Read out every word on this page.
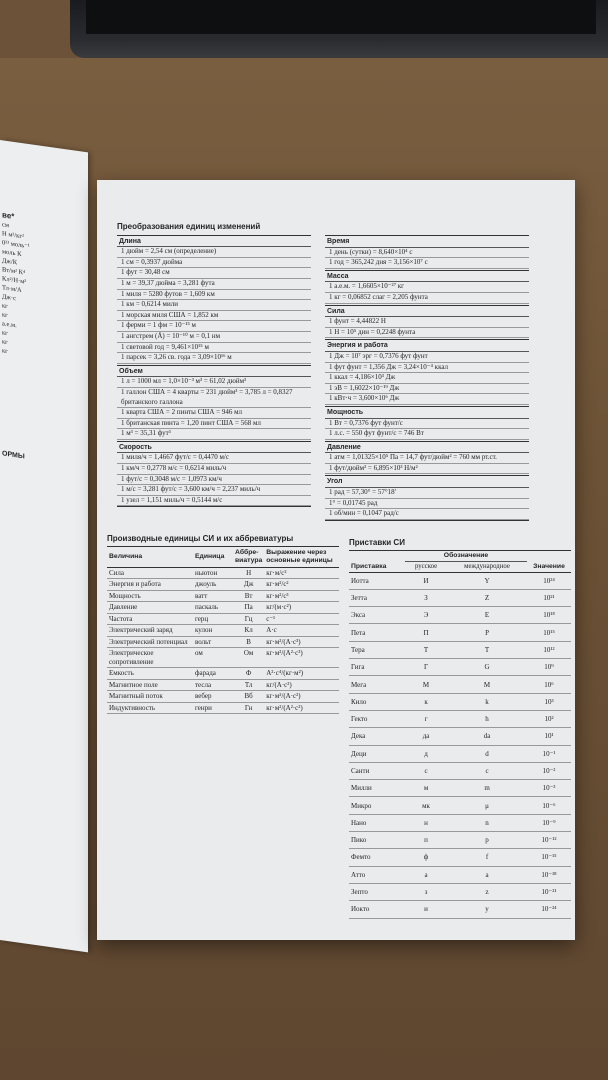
ве*
см
Н м²/кг²
0²³ моль⁻¹
моль К
Дж/К
Вт/м² К⁴
Кл²/Н·м²
Тл·м/А
Дж·с
кг
кг
а.е.м.
кг
кг
кг
ОРМЫ
Преобразования единиц изменений
Длина
1 дюйм = 2,54 см (определение)
1 см = 0,3937 дюйма
1 фут = 30,48 см
1 м = 39,37 дюйма = 3,281 фута
1 миля = 5280 футов = 1,609 км
1 км = 0,6214 мили
1 морская миля США = 1,852 км
1 ферми = 1 фм = 10⁻¹⁵ м
1 ангстрем (Å) = 10⁻¹⁰ м = 0,1 нм
1 световой год = 9,461×10¹⁵ м
1 парсек = 3,26 св. года = 3,09×10¹⁶ м
Объем
1 л = 1000 мл = 1,0×10⁻³ м³ = 61,02 дюйм³
1 галлон США = 4 кварты = 231 дюйм³ = 3,785 л = 0,8327 британского галлона
1 кварта США = 2 пинты США = 946 мл
1 британская пинта = 1,20 пинт США = 568 мл
1 м³ = 35,31 фут³
Скорость
1 миля/ч = 1,4667 фут/с = 0,4470 м/с
1 км/ч = 0,2778 м/с = 0,6214 миль/ч
1 фут/с = 0,3048 м/с = 1,0973 км/ч
1 м/с = 3,281 фут/с = 3,600 км/ч = 2,237 миль/ч
1 узел = 1,151 миль/ч = 0,5144 м/с
Время
1 день (сутки) = 8,640×10⁴ с
1 год = 365,242 дня = 3,156×10⁷ с
Масса
1 а.е.м. = 1,6605×10⁻²⁷ кг
1 кг = 0,06852 слаг = 2,205 фунта
Сила
1 фунт = 4,44822 Н
1 Н = 10⁵ дин = 0,2248 фунта
Энергия и работа
1 Дж = 10⁷ эрг = 0,7376 фут фунт
1 фут фунт = 1,356 Дж = 3,24×10⁻⁴ ккал
1 ккал = 4,186×10³ Дж
1 эВ = 1,6022×10⁻¹⁹ Дж
1 кВт·ч = 3,600×10⁶ Дж
Мощность
1 Вт = 0,7376 фут фунт/с
1 л.с. = 550 фут фунт/с = 746 Вт
Давление
1 атм = 1,01325×10⁵ Па = 14,7 фут/дюйм² = 760 мм рт.ст.
1 фут/дюйм² = 6,895×10³ Н/м²
Угол
1 рад = 57,30° = 57°18'
1° = 0,01745 рад
1 об/мин = 0,1047 рад/с
Производные единицы СИ и их аббревиатуры
Величина	Единица	Аббре-виатура	Выражение через основные единицы
Сила	ньютон	Н	кг·м/с²
Энергия и работа	джоуль	Дж	кг·м²/с²
Мощность	ватт	Вт	кг·м²/с³
Давление	паскаль	Па	кг/(м·с²)
Частота	герц	Гц	с⁻¹
Электрический заряд	кулон	Кл	А·с
Электрический потенциал	вольт	В	кг·м²/(А·с³)
Электрическое сопротивление	ом	Ом	кг·м²/(А²·с³)
Емкость	фарада	Ф	А²·с⁴/(кг·м²)
Магнитное поле	тесла	Тл	кг/(А·с²)
Магнитный поток	вебер	Вб	кг·м²/(А·с²)
Индуктивность	генри	Гн	кг·м²/(А²·с²)
Приставки СИ
Приставка	Обозначение		Значение
	русское	международное	
Иотта	И	Y	10²⁴
Зетта	З	Z	10²¹
Экса	Э	E	10¹⁸
Пета	П	P	10¹⁵
Тера	Т	T	10¹²
Гига	Г	G	10⁹
Мега	М	M	10⁶
Кило	к	k	10³
Гекто	г	h	10²
Дека	да	da	10¹
Деци	д	d	10⁻¹
Санти	с	c	10⁻²
Милли	м	m	10⁻³
Микро	мк	μ	10⁻⁶
Нано	н	n	10⁻⁹
Пико	п	p	10⁻¹²
Фемто	ф	f	10⁻¹⁵
Атто	а	a	10⁻¹⁸
Зепто	з	z	10⁻²¹
Иокто	и	y	10⁻²⁴
